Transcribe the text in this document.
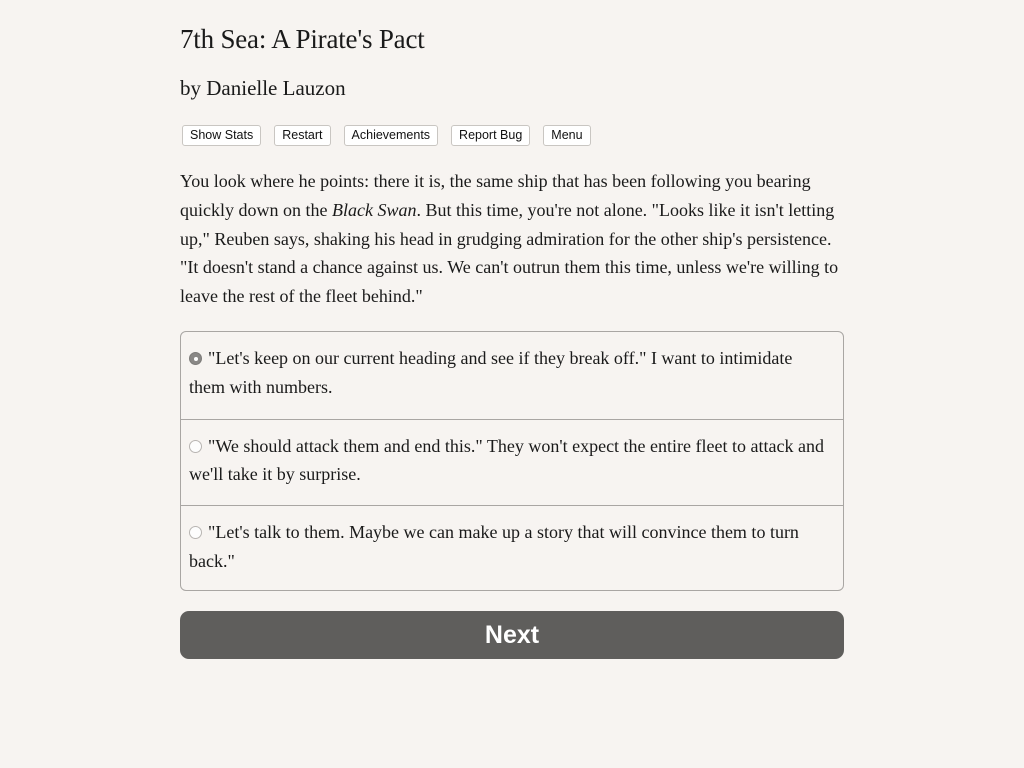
7th Sea: A Pirate's Pact
by Danielle Lauzon
Show Stats	Restart	Achievements	Report Bug	Menu

You look where he points: there it is, the same ship that has been following you bearing quickly down on the Black Swan. But this time, you're not alone. "Looks like it isn't letting up," Reuben says, shaking his head in grudging admiration for the other ship's persistence. "It doesn't stand a chance against us. We can't outrun them this time, unless we're willing to leave the rest of the fleet behind."

"Let's keep on our current heading and see if they break off." I want to intimidate them with numbers.
"We should attack them and end this." They won't expect the entire fleet to attack and we'll take it by surprise.
"Let's talk to them. Maybe we can make up a story that will convince them to turn back."
Next
